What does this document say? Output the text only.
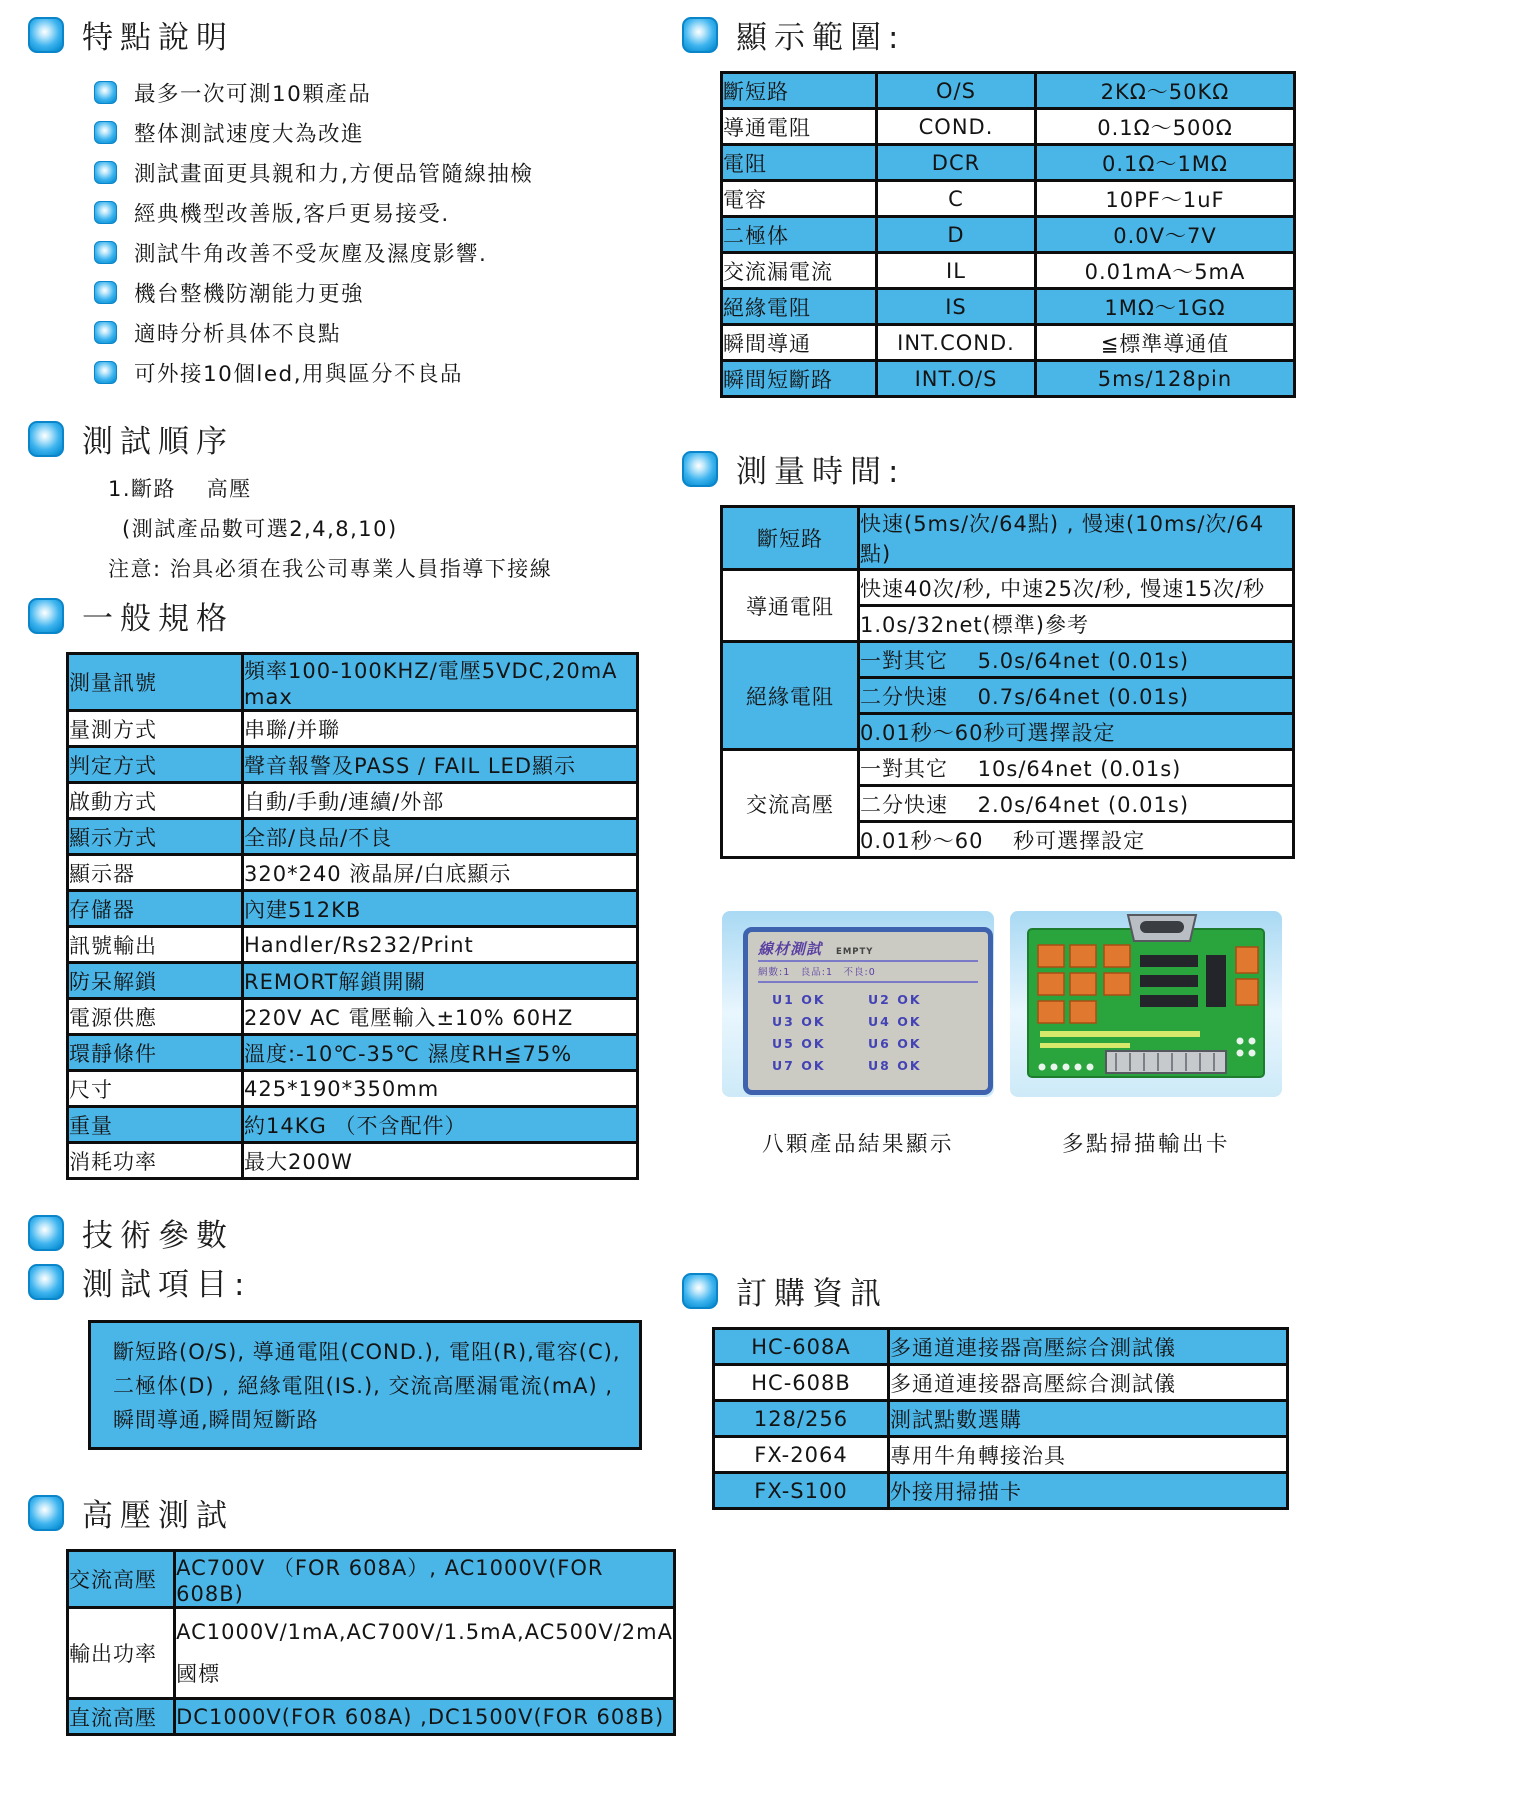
特點說明
最多一次可測10顆產品
整体測試速度大為改進
測試畫面更具親和力,方便品管隨線抽檢
經典機型改善版,客戶更易接受.
測試牛角改善不受灰塵及濕度影響.
機台整機防潮能力更強
適時分析具体不良點
可外接10個led,用與區分不良品
測試順序
1.斷路　 高壓
(測試產品數可選2,4,8,10)
注意: 治具必須在我公司專業人員指導下接線
一般規格
測量訊號	頻率100-100KHZ/電壓5VDC,20mA max
量測方式	串聯/并聯
判定方式	聲音報警及PASS / FAIL LED顯示
啟動方式	自動/手動/連續/外部
顯示方式	全部/良品/不良
顯示器	320*240 液晶屏/白底顯示
存儲器	內建512KB
訊號輸出	Handler/Rs232/Print
防呆解鎖	REMORT解鎖開關
電源供應	220V AC 電壓輸入±10% 60HZ
環靜條件	溫度:-10℃-35℃ 濕度RH≦75%
尺寸	425*190*350mm
重量	約14KG （不含配件）
消耗功率	最大200W
技術參數
測試項目:
斷短路(O/S), 導通電阻(COND.), 電阻(R),電容(C),
二極体(D) , 絕緣電阻(IS.), 交流高壓漏電流(mA) ,
瞬間導通,瞬間短斷路
高壓測試
交流高壓	AC700V （FOR 608A）, AC1000V(FOR 608B)
輸出功率	AC1000V/1mA,AC700V/1.5mA,AC500V/2mA
國標

直流高壓	DC1000V(FOR 608A) ,DC1500V(FOR 608B)
顯示範圍:
斷短路	O/S	2KΩ～50KΩ
導通電阻	COND.	0.1Ω～500Ω
電阻	DCR	0.1Ω～1MΩ
電容	C	10PF～1uF
二極体	D	0.0V～7V
交流漏電流	IL	0.01mA～5mA
絕緣電阻	IS	1MΩ～1GΩ
瞬間導通	INT.COND.	≦標準導通值
瞬間短斷路	INT.O/S	5ms/128pin
測量時間:
斷短路	快速(5ms/次/64點) , 慢速(10ms/次/64點)
導通電阻	快速40次/秒, 中速25次/秒, 慢速15次/秒
	1.0s/32net(標準)參考
絕緣電阻	一對其它　 5.0s/64net (0.01s)
	二分快速　 0.7s/64net (0.01s)
	0.01秒～60秒可選擇設定
交流高壓	一對其它　 10s/64net (0.01s)
	二分快速　 2.0s/64net (0.01s)
	0.01秒～60　 秒可選擇設定
線材測試 EMPTY
網數:1　良品:1　不良:0
U1 OK	U2 OK
U3 OK	U4 OK
U5 OK	U6 OK
U7 OK	U8 OK
八顆產品結果顯示	多點掃描輸出卡
訂購資訊
HC-608A	多通道連接器高壓綜合測試儀
HC-608B	多通道連接器高壓綜合測試儀
128/256	測試點數選購
FX-2064	專用牛角轉接治具
FX-S100	外接用掃描卡
